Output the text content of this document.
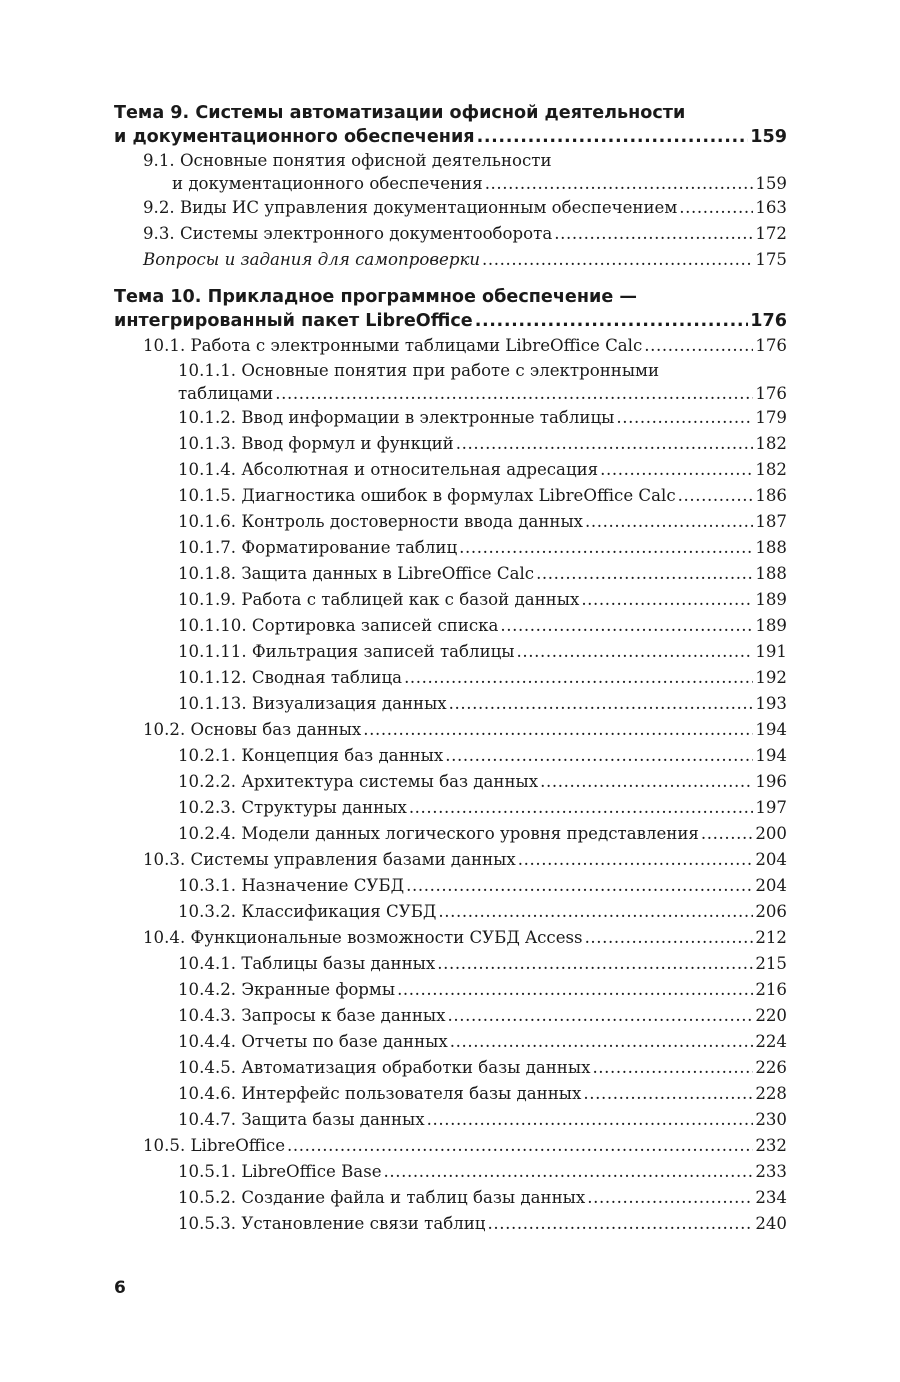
Тема 9. Системы автоматизации офисной деятельности
и документационного обеспечения .....	159
9.1. Основные понятия офисной деятельности
и документационного обеспечения .....	159
9.2. Виды ИС управления документационным обеспечением .....	163
9.3. Системы электронного документооборота .....	172
Вопросы и задания для самопроверки .....	175
Тема 10. Прикладное программное обеспечение —
интегрированный пакет LibreOffice .....	176
10.1. Работа с электронными таблицами LibreOffice Calc .....	176
10.1.1. Основные понятия при работе с электронными
таблицами .....	176
10.1.2. Ввод информации в электронные таблицы .....	179
10.1.3. Ввод формул и функций .....	182
10.1.4. Абсолютная и относительная адресация .....	182
10.1.5. Диагностика ошибок в формулах LibreOffice Calc .....	186
10.1.6. Контроль достоверности ввода данных .....	187
10.1.7. Форматирование таблиц .....	188
10.1.8. Защита данных в LibreOffice Calc .....	188
10.1.9. Работа с таблицей как с базой данных .....	189
10.1.10. Сортировка записей списка .....	189
10.1.11. Фильтрация записей таблицы .....	191
10.1.12. Сводная таблица .....	192
10.1.13. Визуализация данных .....	193
10.2. Основы баз данных .....	194
10.2.1. Концепция баз данных .....	194
10.2.2. Архитектура системы баз данных .....	196
10.2.3. Структуры данных .....	197
10.2.4. Модели данных логического уровня представления .....	200
10.3. Системы управления базами данных .....	204
10.3.1. Назначение СУБД .....	204
10.3.2. Классификация СУБД .....	206
10.4. Функциональные возможности СУБД Access .....	212
10.4.1. Таблицы базы данных .....	215
10.4.2. Экранные формы .....	216
10.4.3. Запросы к базе данных .....	220
10.4.4. Отчеты по базе данных .....	224
10.4.5. Автоматизация обработки базы данных .....	226
10.4.6. Интерфейс пользователя базы данных .....	228
10.4.7. Защита базы данных .....	230
10.5. LibreOffice .....	232
10.5.1. LibreOffice Base .....	233
10.5.2. Создание файла и таблиц базы данных .....	234
10.5.3. Установление связи таблиц .....	240
6
